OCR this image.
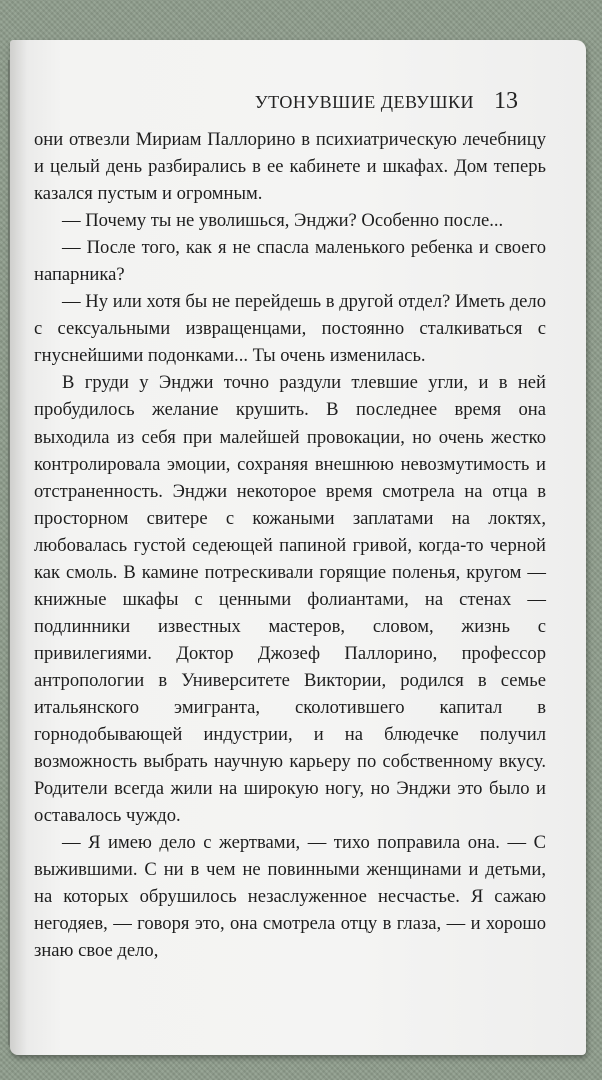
УТОНУВШИЕ ДЕВУШКИ 13

они отвезли Мириам Паллорино в психиатрическую лечебницу и целый день разбирались в ее кабинете и шкафах. Дом теперь казался пустым и огромным.

— Почему ты не уволишься, Энджи? Особенно после...

— После того, как я не спасла маленького ребенка и своего напарника?

— Ну или хотя бы не перейдешь в другой отдел? Иметь дело с сексуальными извращенцами, постоянно сталкиваться с гнуснейшими подонками... Ты очень изменилась.

В груди у Энджи точно раздули тлевшие угли, и в ней пробудилось желание крушить. В последнее время она выходила из себя при малейшей провокации, но очень жестко контролировала эмоции, сохраняя внешнюю невозмутимость и отстраненность. Энджи некоторое время смотрела на отца в просторном свитере с кожаными заплатами на локтях, любовалась густой седеющей папиной гривой, когда-то черной как смоль. В камине потрескивали горящие поленья, кругом — книжные шкафы с ценными фолиантами, на стенах — подлинники известных мастеров, словом, жизнь с привилегиями. Доктор Джозеф Паллорино, профессор антропологии в Университете Виктории, родился в семье итальянского эмигранта, сколотившего капитал в горнодобывающей индустрии, и на блюдечке получил возможность выбрать научную карьеру по собственному вкусу. Родители всегда жили на широкую ногу, но Энджи это было и оставалось чуждо.

— Я имею дело с жертвами, — тихо поправила она. — С выжившими. С ни в чем не повинными женщинами и детьми, на которых обрушилось незаслуженное несчастье. Я сажаю негодяев, — говоря это, она смотрела отцу в глаза, — и хорошо знаю свое дело,
